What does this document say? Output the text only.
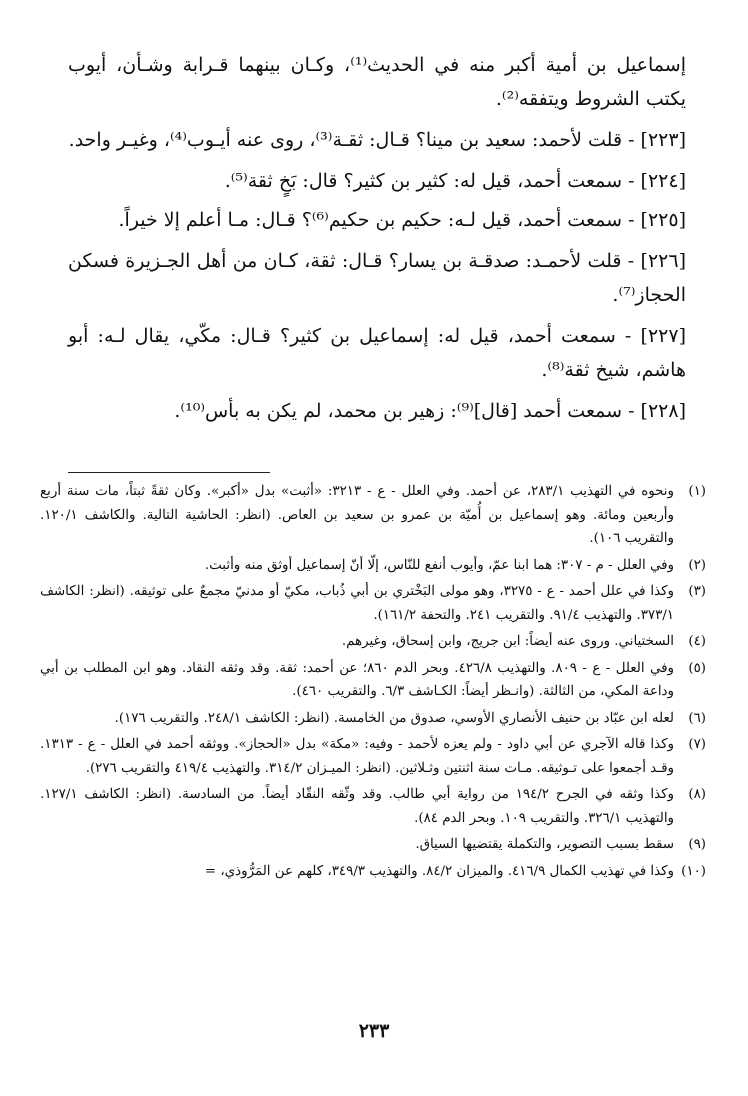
إسماعيل بن أمية أكبر منه في الحديث⁽¹⁾، وكـان بينهما قـرابة وشـأن، أيوب يكتب الشروط ويتفقه⁽²⁾.

[٢٢٣] - قلت لأحمد: سعيد بن مينا؟ قـال: ثقـة⁽³⁾، روى عنه أيـوب⁽⁴⁾، وغيـر واحد.

[٢٢٤] - سمعت أحمد، قيل له: كثير بن كثير؟ قال: بَخٍ ثقة⁽⁵⁾.

[٢٢٥] - سمعت أحمد، قيل لـه: حكيم بن حكيم⁽⁶⁾؟ قـال: مـا أعلم إلا خيراً.

[٢٢٦] - قلت لأحمـد: صدقـة بن يسار؟ قـال: ثقة، كـان من أهل الجـزيرة فسكن الحجاز⁽⁷⁾.

[٢٢٧] - سمعت أحمد، قيل له: إسماعيل بن كثير؟ قـال: مكّي، يقال لـه: أبو هاشم، شيخ ثقة⁽⁸⁾.

[٢٢٨] - سمعت أحمد [قال]⁽⁹⁾: زهير بن محمد، لم يكن به بأس⁽¹⁰⁾.

(١)
ونحوه في التهذيب ٢٨٣/١، عن أحمد. وفي العلل - ع - ٣٢١٣: «أثبت» بدل «أكبر». وكان ثقةً ثبتاً، مات سنة أربع وأربعين ومائة. وهو إسماعيل بن أُميّة بن عمرو بن سعيد بن العاص. (انظر: الحاشية التالية. والكاشف ١٢٠/١. والتقريب ١٠٦).
(٢)
وفي العلل - م - ٣٠٧: هما ابنا عمّ، وأيوب أنفع للنّاس، إلّا أنّ إسماعيل أوثق منه وأثبت.
(٣)
وكذا في علل أحمد - ع - ٣٢٧٥، وهو مولى البَخْتري بن أبي ذُباب، مكيّ أو مدنيّ مجمعٌ على توثيقه. (انظر: الكاشف ٣٧٣/١. والتهذيب ٩١/٤. والتقريب ٢٤١. والتحفة ١٦١/٢).
(٤)
السختياني. وروى عنه أيضاً: ابن جريج، وابن إسحاق، وغيرهم.
(٥)
وفي العلل - ع - ٨٠٩. والتهذيب ٤٢٦/٨. وبحر الدم ٨٦٠؛ عن أحمد: ثقة. وقد وثقه النقاد. وهو ابن المطلب بن أبي وداعة المكي، من الثالثة. (وانـظر أيضاً: الكـاشف ٦/٣. والتقريب ٤٦٠).
(٦)
لعله ابن عبّاد بن حنيف الأنصاري الأوسي، صدوق من الخامسة. (انظر: الكاشف ٢٤٨/١. والتقريب ١٧٦).
(٧)
وكذا قاله الآجري عن أبي داود - ولم يعزه لأحمد - وفيه: «مكة» بدل «الحجاز». ووثقه أحمد في العلل - ع - ١٣١٣. وقـد أجمعوا على تـوثيقه. مـات سنة اثنتين وثـلاثين. (انظر: الميـزان ٣١٤/٢. والتهذيب ٤١٩/٤ والتقريب ٢٧٦).
(٨)
وكذا وثقه في الجرح ١٩٤/٢ من رواية أبي طالب. وقد وثّقه النقّاد أيضاً. من السادسة. (انظر: الكاشف ١٢٧/١. والتهذيب ٣٢٦/١. والتقريب ١٠٩. وبحر الدم ٨٤).
(٩)
سقط بسبب التصوير، والتكملة يقتضيها السياق.
(١٠)
وكذا في تهذيب الكمال ٤١٦/٩. والميزان ٨٤/٢. والتهذيب ٣٤٩/٣، كلهم عن المَرُّوذي، =
٢٣٣
